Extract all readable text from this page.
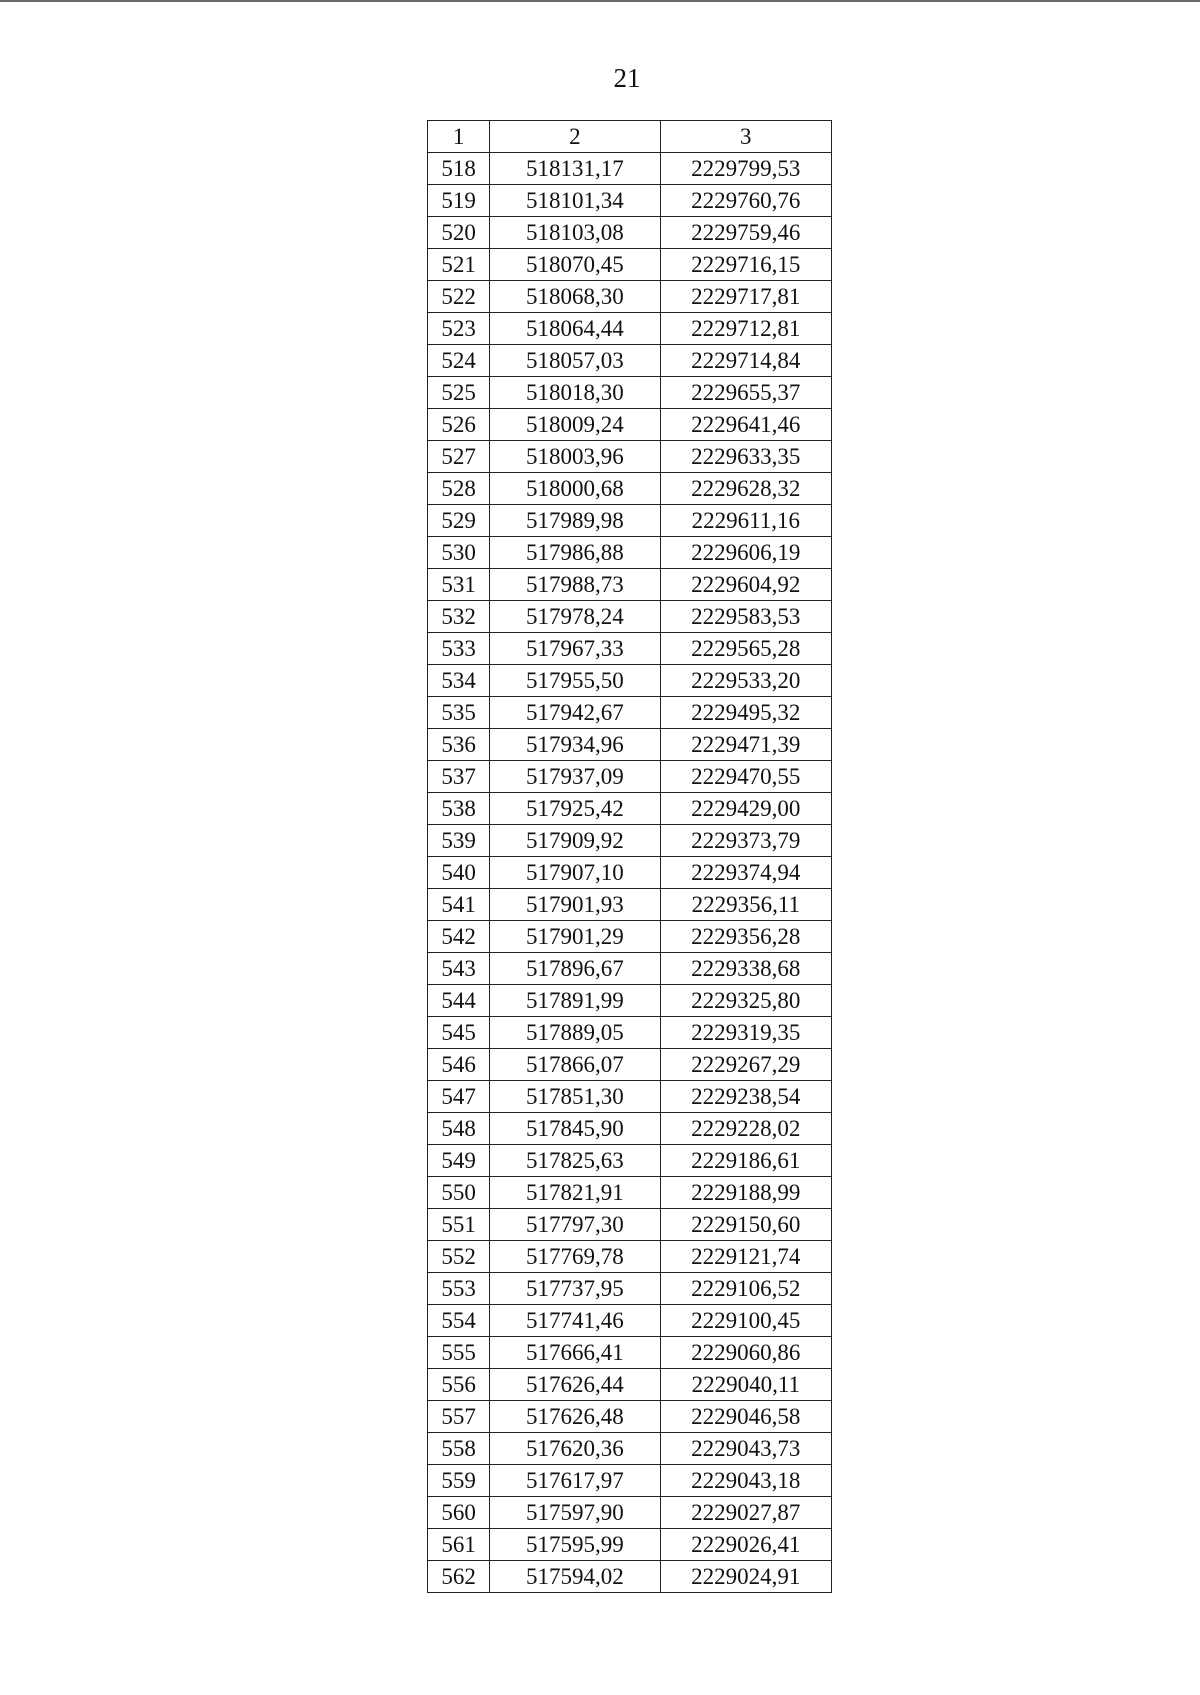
21
1	2	3
518	518131,17	2229799,53
519	518101,34	2229760,76
520	518103,08	2229759,46
521	518070,45	2229716,15
522	518068,30	2229717,81
523	518064,44	2229712,81
524	518057,03	2229714,84
525	518018,30	2229655,37
526	518009,24	2229641,46
527	518003,96	2229633,35
528	518000,68	2229628,32
529	517989,98	2229611,16
530	517986,88	2229606,19
531	517988,73	2229604,92
532	517978,24	2229583,53
533	517967,33	2229565,28
534	517955,50	2229533,20
535	517942,67	2229495,32
536	517934,96	2229471,39
537	517937,09	2229470,55
538	517925,42	2229429,00
539	517909,92	2229373,79
540	517907,10	2229374,94
541	517901,93	2229356,11
542	517901,29	2229356,28
543	517896,67	2229338,68
544	517891,99	2229325,80
545	517889,05	2229319,35
546	517866,07	2229267,29
547	517851,30	2229238,54
548	517845,90	2229228,02
549	517825,63	2229186,61
550	517821,91	2229188,99
551	517797,30	2229150,60
552	517769,78	2229121,74
553	517737,95	2229106,52
554	517741,46	2229100,45
555	517666,41	2229060,86
556	517626,44	2229040,11
557	517626,48	2229046,58
558	517620,36	2229043,73
559	517617,97	2229043,18
560	517597,90	2229027,87
561	517595,99	2229026,41
562	517594,02	2229024,91
